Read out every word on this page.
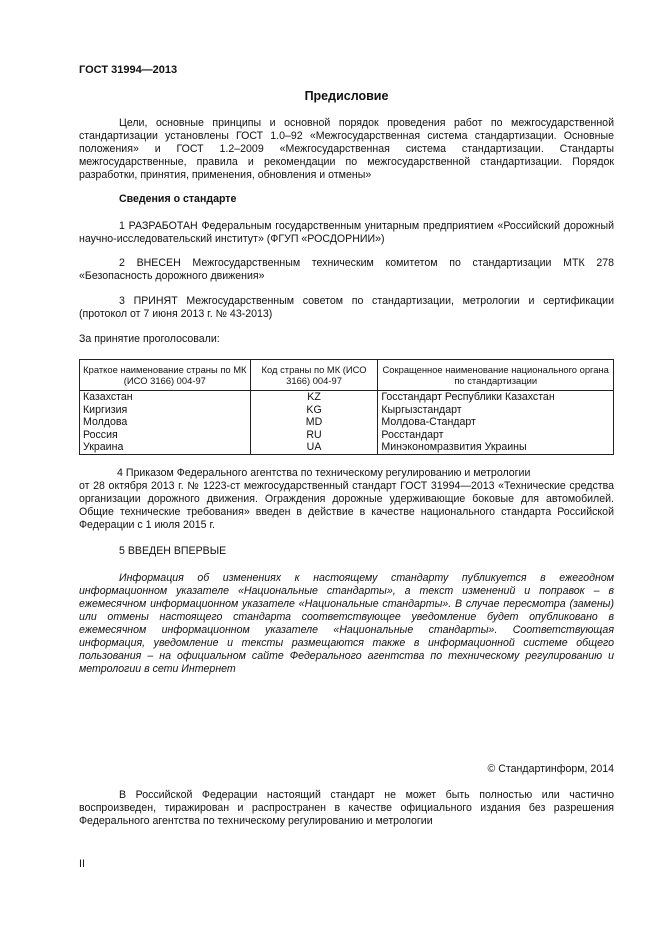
ГОСТ 31994—2013
Предисловие

Цели, основные принципы и основной порядок проведения работ по межгосударственной стандартизации установлены ГОСТ 1.0–92 «Межгосударственная система стандартизации. Основные положения» и ГОСТ 1.2–2009 «Межгосударственная система стандартизации. Стандарты межгосударственные, правила и рекомендации по межгосударственной стандартизации. Порядок разработки, принятия, применения, обновления и отмены»

Сведения о стандарте

1 РАЗРАБОТАН Федеральным государственным унитарным предприятием «Российский дорожный научно-исследовательский институт» (ФГУП «РОСДОРНИИ»)

2 ВНЕСЕН Межгосударственным техническим комитетом по стандартизации МТК 278 «Безопасность дорожного движения»

3 ПРИНЯТ Межгосударственным советом по стандартизации, метрологии и сертификации (протокол от 7 июня 2013 г. № 43-2013)

За принятие проголосовали:

Краткое наименование страны по МК (ИСО 3166) 004-97	Код страны по МК (ИСО 3166) 004-97	Сокращенное наименование национального органа по стандартизации
Казахстан	KZ	Госстандарт Республики Казахстан
Киргизия	KG	Кыргызстандарт
Молдова	MD	Молдова-Стандарт
Россия	RU	Росстандарт
Украина	UA	Минэкономразвития Украины

4 Приказом Федерального агентства по техническому регулированию и метрологии

от 28 октября 2013 г. № 1223-ст межгосударственный стандарт ГОСТ 31994—2013 «Технические средства организации дорожного движения. Ограждения дорожные удерживающие боковые для автомобилей. Общие технические требования» введен в действие в качестве национального стандарта Российской Федерации с 1 июля 2015 г.

5 ВВЕДЕН ВПЕРВЫЕ

Информация об изменениях к настоящему стандарту публикуется в ежегодном информационном указателе «Национальные стандарты», а текст изменений и поправок – в ежемесячном информационном указателе «Национальные стандарты». В случае пересмотра (замены) или отмены настоящего стандарта соответствующее уведомление будет опубликовано в ежемесячном информационном указателе «Национальные стандарты». Соответствующая информация, уведомление и тексты размещаются также в информационной системе общего пользования – на официальном сайте Федерального агентства по техническому регулированию и метрологии в сети Интернет

© Стандартинформ, 2014

В Российской Федерации настоящий стандарт не может быть полностью или частично воспроизведен, тиражирован и распространен в качестве официального издания без разрешения Федерального агентства по техническому регулированию и метрологии

II
